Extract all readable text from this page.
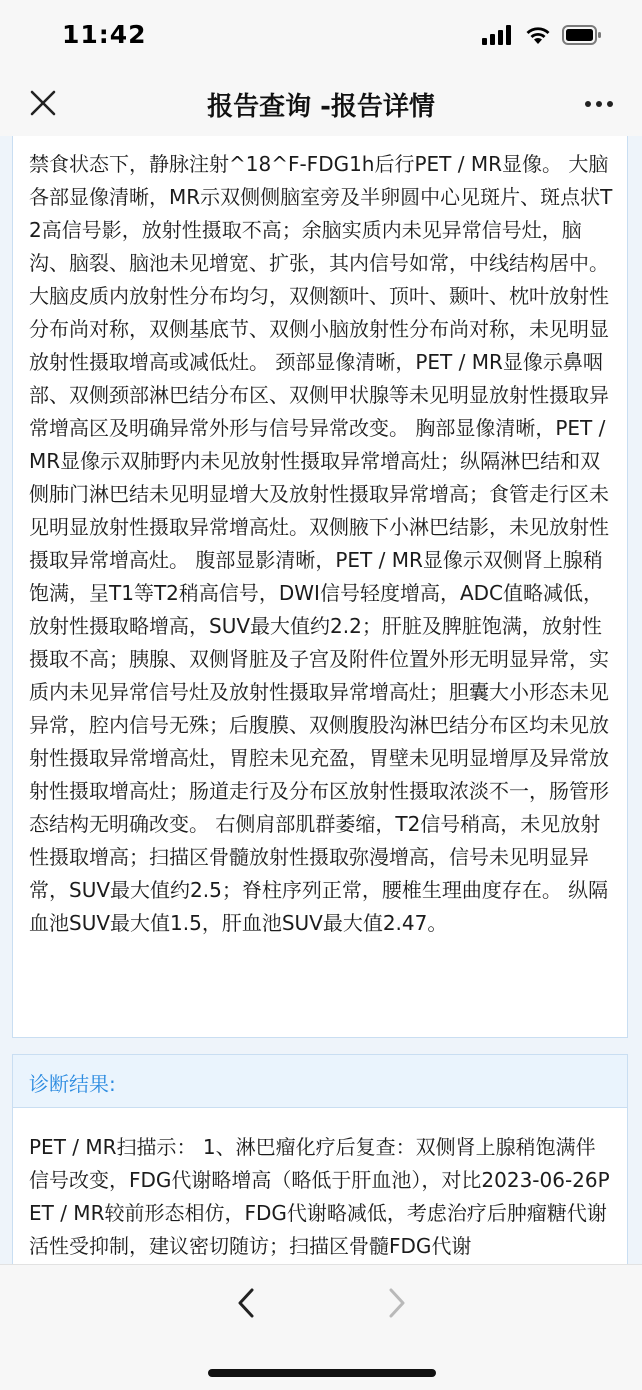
11:42
报告查询 -报告详情
禁食状态下，静脉注射^18^F-FDG1h后行PET / MR显像。 大脑各部显像清晰，MR示双侧侧脑室旁及半卵圆中心见斑片、斑点状T2高信号影，放射性摄取不高；余脑实质内未见异常信号灶，脑沟、脑裂、脑池未见增宽、扩张，其内信号如常，中线结构居中。大脑皮质内放射性分布均匀，双侧额叶、顶叶、颞叶、枕叶放射性分布尚对称，双侧基底节、双侧小脑放射性分布尚对称，未见明显放射性摄取增高或减低灶。 颈部显像清晰，PET / MR显像示鼻咽部、双侧颈部淋巴结分布区、双侧甲状腺等未见明显放射性摄取异常增高区及明确异常外形与信号异常改变。 胸部显像清晰，PET / MR显像示双肺野内未见放射性摄取异常增高灶；纵隔淋巴结和双侧肺门淋巴结未见明显增大及放射性摄取异常增高；食管走行区未见明显放射性摄取异常增高灶。双侧腋下小淋巴结影，未见放射性摄取异常增高灶。 腹部显影清晰，PET / MR显像示双侧肾上腺稍饱满，呈T1等T2稍高信号，DWI信号轻度增高，ADC值略减低，放射性摄取略增高，SUV最大值约2.2；肝脏及脾脏饱满，放射性摄取不高；胰腺、双侧肾脏及子宫及附件位置外形无明显异常，实质内未见异常信号灶及放射性摄取异常增高灶；胆囊大小形态未见异常，腔内信号无殊；后腹膜、双侧腹股沟淋巴结分布区均未见放射性摄取异常增高灶，胃腔未见充盈，胃壁未见明显增厚及异常放射性摄取增高灶；肠道走行及分布区放射性摄取浓淡不一，肠管形态结构无明确改变。 右侧肩部肌群萎缩，T2信号稍高，未见放射性摄取增高；扫描区骨髓放射性摄取弥漫增高，信号未见明显异常，SUV最大值约2.5；脊柱序列正常，腰椎生理曲度存在。 纵隔血池SUV最大值1.5，肝血池SUV最大值2.47。
诊断结果:
PET / MR扫描示： 1、淋巴瘤化疗后复查：双侧肾上腺稍饱满伴信号改变，FDG代谢略增高（略低于肝血池），对比2023-06-26PET / MR较前形态相仿，FDG代谢略减低，考虑治疗后肿瘤糖代谢活性受抑制，建议密切随访；扫描区骨髓FDG代谢
